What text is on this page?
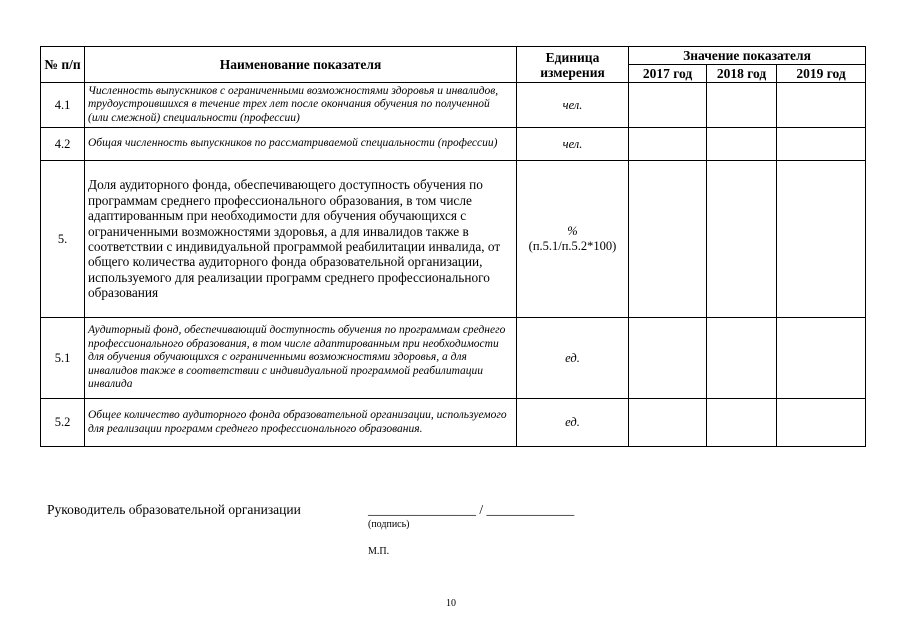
№ п/п	Наименование показателя	Единица измерения	Значение показателя		
			2017 год	2018 год	2019 год
4.1	Численность выпускников с ограниченными возможностями здоровья и инвалидов, трудоустроившихся в течение трех лет после окончания обучения по полученной (или смежной) специальности (профессии)	чел.			
4.2	Общая численность выпускников по рассматриваемой специальности (профессии)	чел.			
5.	Доля аудиторного фонда, обеспечивающего доступность обучения по программам среднего профессионального образования, в том числе адаптированным при необходимости для обучения обучающихся с ограниченными возможностями здоровья, а для инвалидов также в соответствии с индивидуальной программой реабилитации инвалида, от общего количества аудиторного фонда образовательной организации, используемого для реализации программ среднего профессионального образования	%
(п.5.1/п.5.2*100)			

5.1	Аудиторный фонд, обеспечивающий доступность обучения по программам среднего профессионального образования, в том числе адаптированным при необходимости для обучения обучающихся с ограниченными возможностями здоровья, а для инвалидов также в соответствии с индивидуальной программой реабилитации инвалида	ед.			
5.2	Общее количество аудиторного фонда образовательной организации, используемого для реализации программ среднего профессионального образования.	ед.			
Руководитель образовательной организации	________________ / _____________
(подпись)
М.П.
10
